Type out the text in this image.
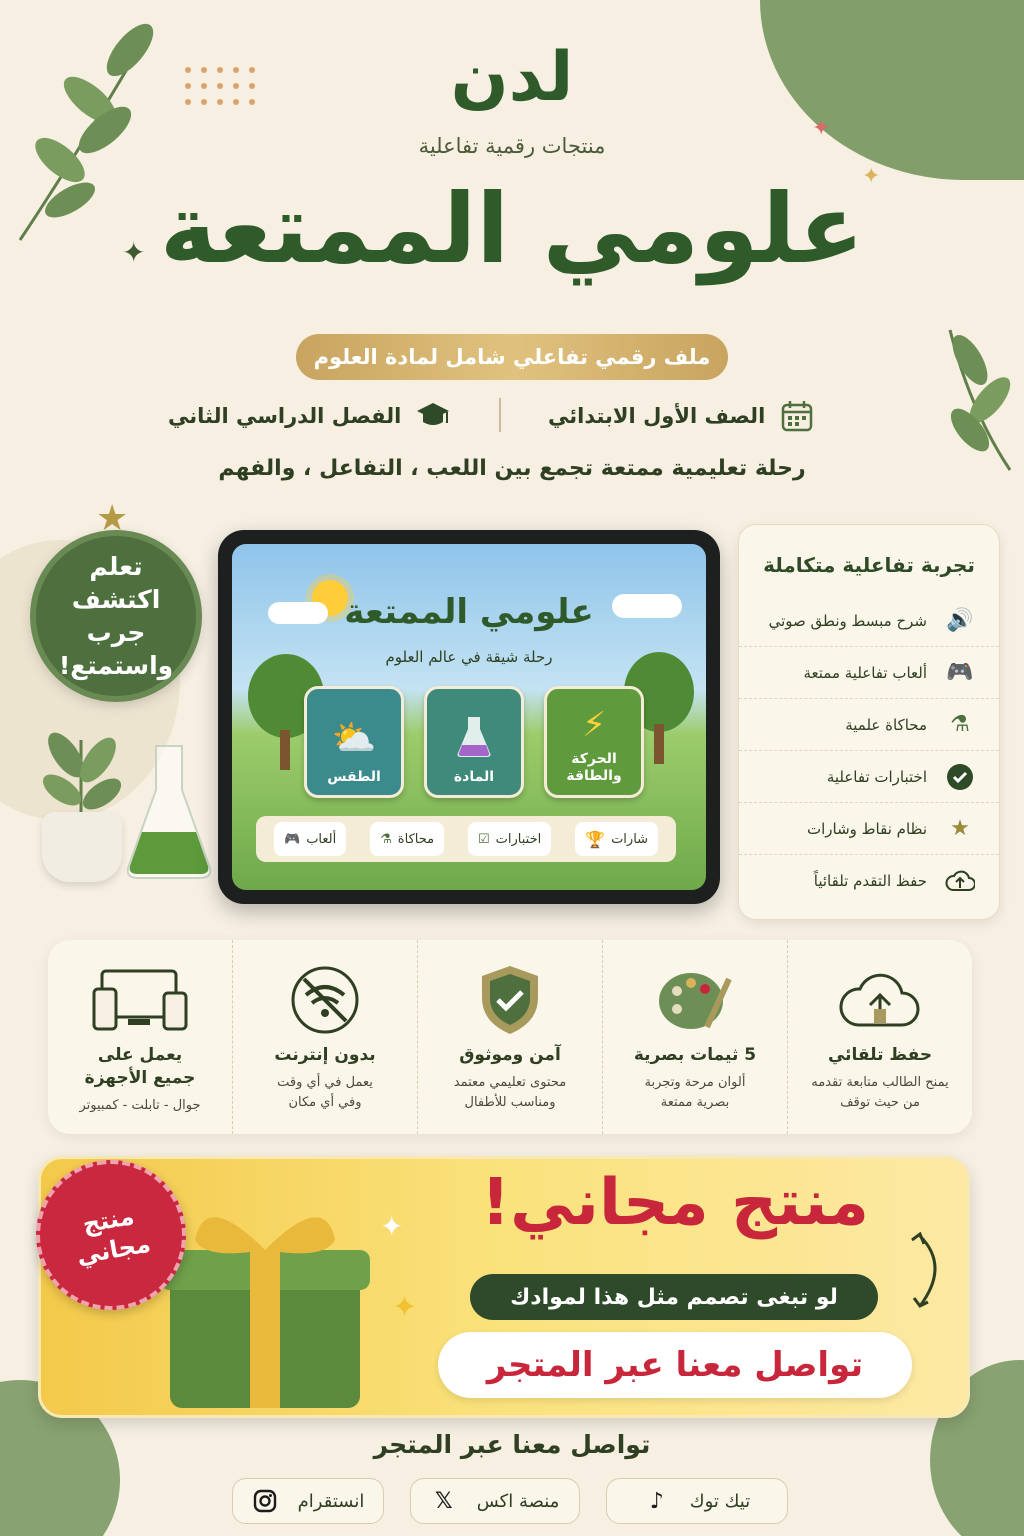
✦
✦
✦
لدن
منتجات رقمية تفاعلية
علومي الممتعة
ملف رقمي تفاعلي شامل لمادة العلوم
الصف الأول الابتدائي
الفصل الدراسي الثاني
رحلة تعليمية ممتعة تجمع بين اللعب ، التفاعل ، والفهم
تعلم
اكتشف
جرب
واستمتع!
★
علومي الممتعة
رحلة شيقة في عالم العلوم
⚡
الحركة
والطاقة
المادة
⛅
الطقس
شارات
🏆
اختبارات
☑
محاكاة
⚗
ألعاب
🎮
تجربة تفاعلية متكاملة
🔊
شرح مبسط ونطق صوتي
🎮
ألعاب تفاعلية ممتعة
⚗
محاكاة علمية
اختبارات تفاعلية
★
نظام نقاط وشارات
حفظ التقدم تلقائياً
حفظ تلقائي
يمنح الطالب متابعة تقدمه
من حيث توقف
5 ثيمات بصرية
ألوان مرحة وتجربة
بصرية ممتعة
آمن وموثوق
محتوى تعليمي معتمد
ومناسب للأطفال
بدون إنترنت
يعمل في أي وقت
وفي أي مكان
يعمل على
جميع الأجهزة
جوال - تابلت - كمبيوتر
منتج
مجاني
✦
✦
منتج مجاني!
لو تبغى تصمم مثل هذا لموادك
تواصل معنا عبر المتجر
تواصل معنا عبر المتجر
تيك توك
♪
منصة اكس
𝕏
انستقرام
